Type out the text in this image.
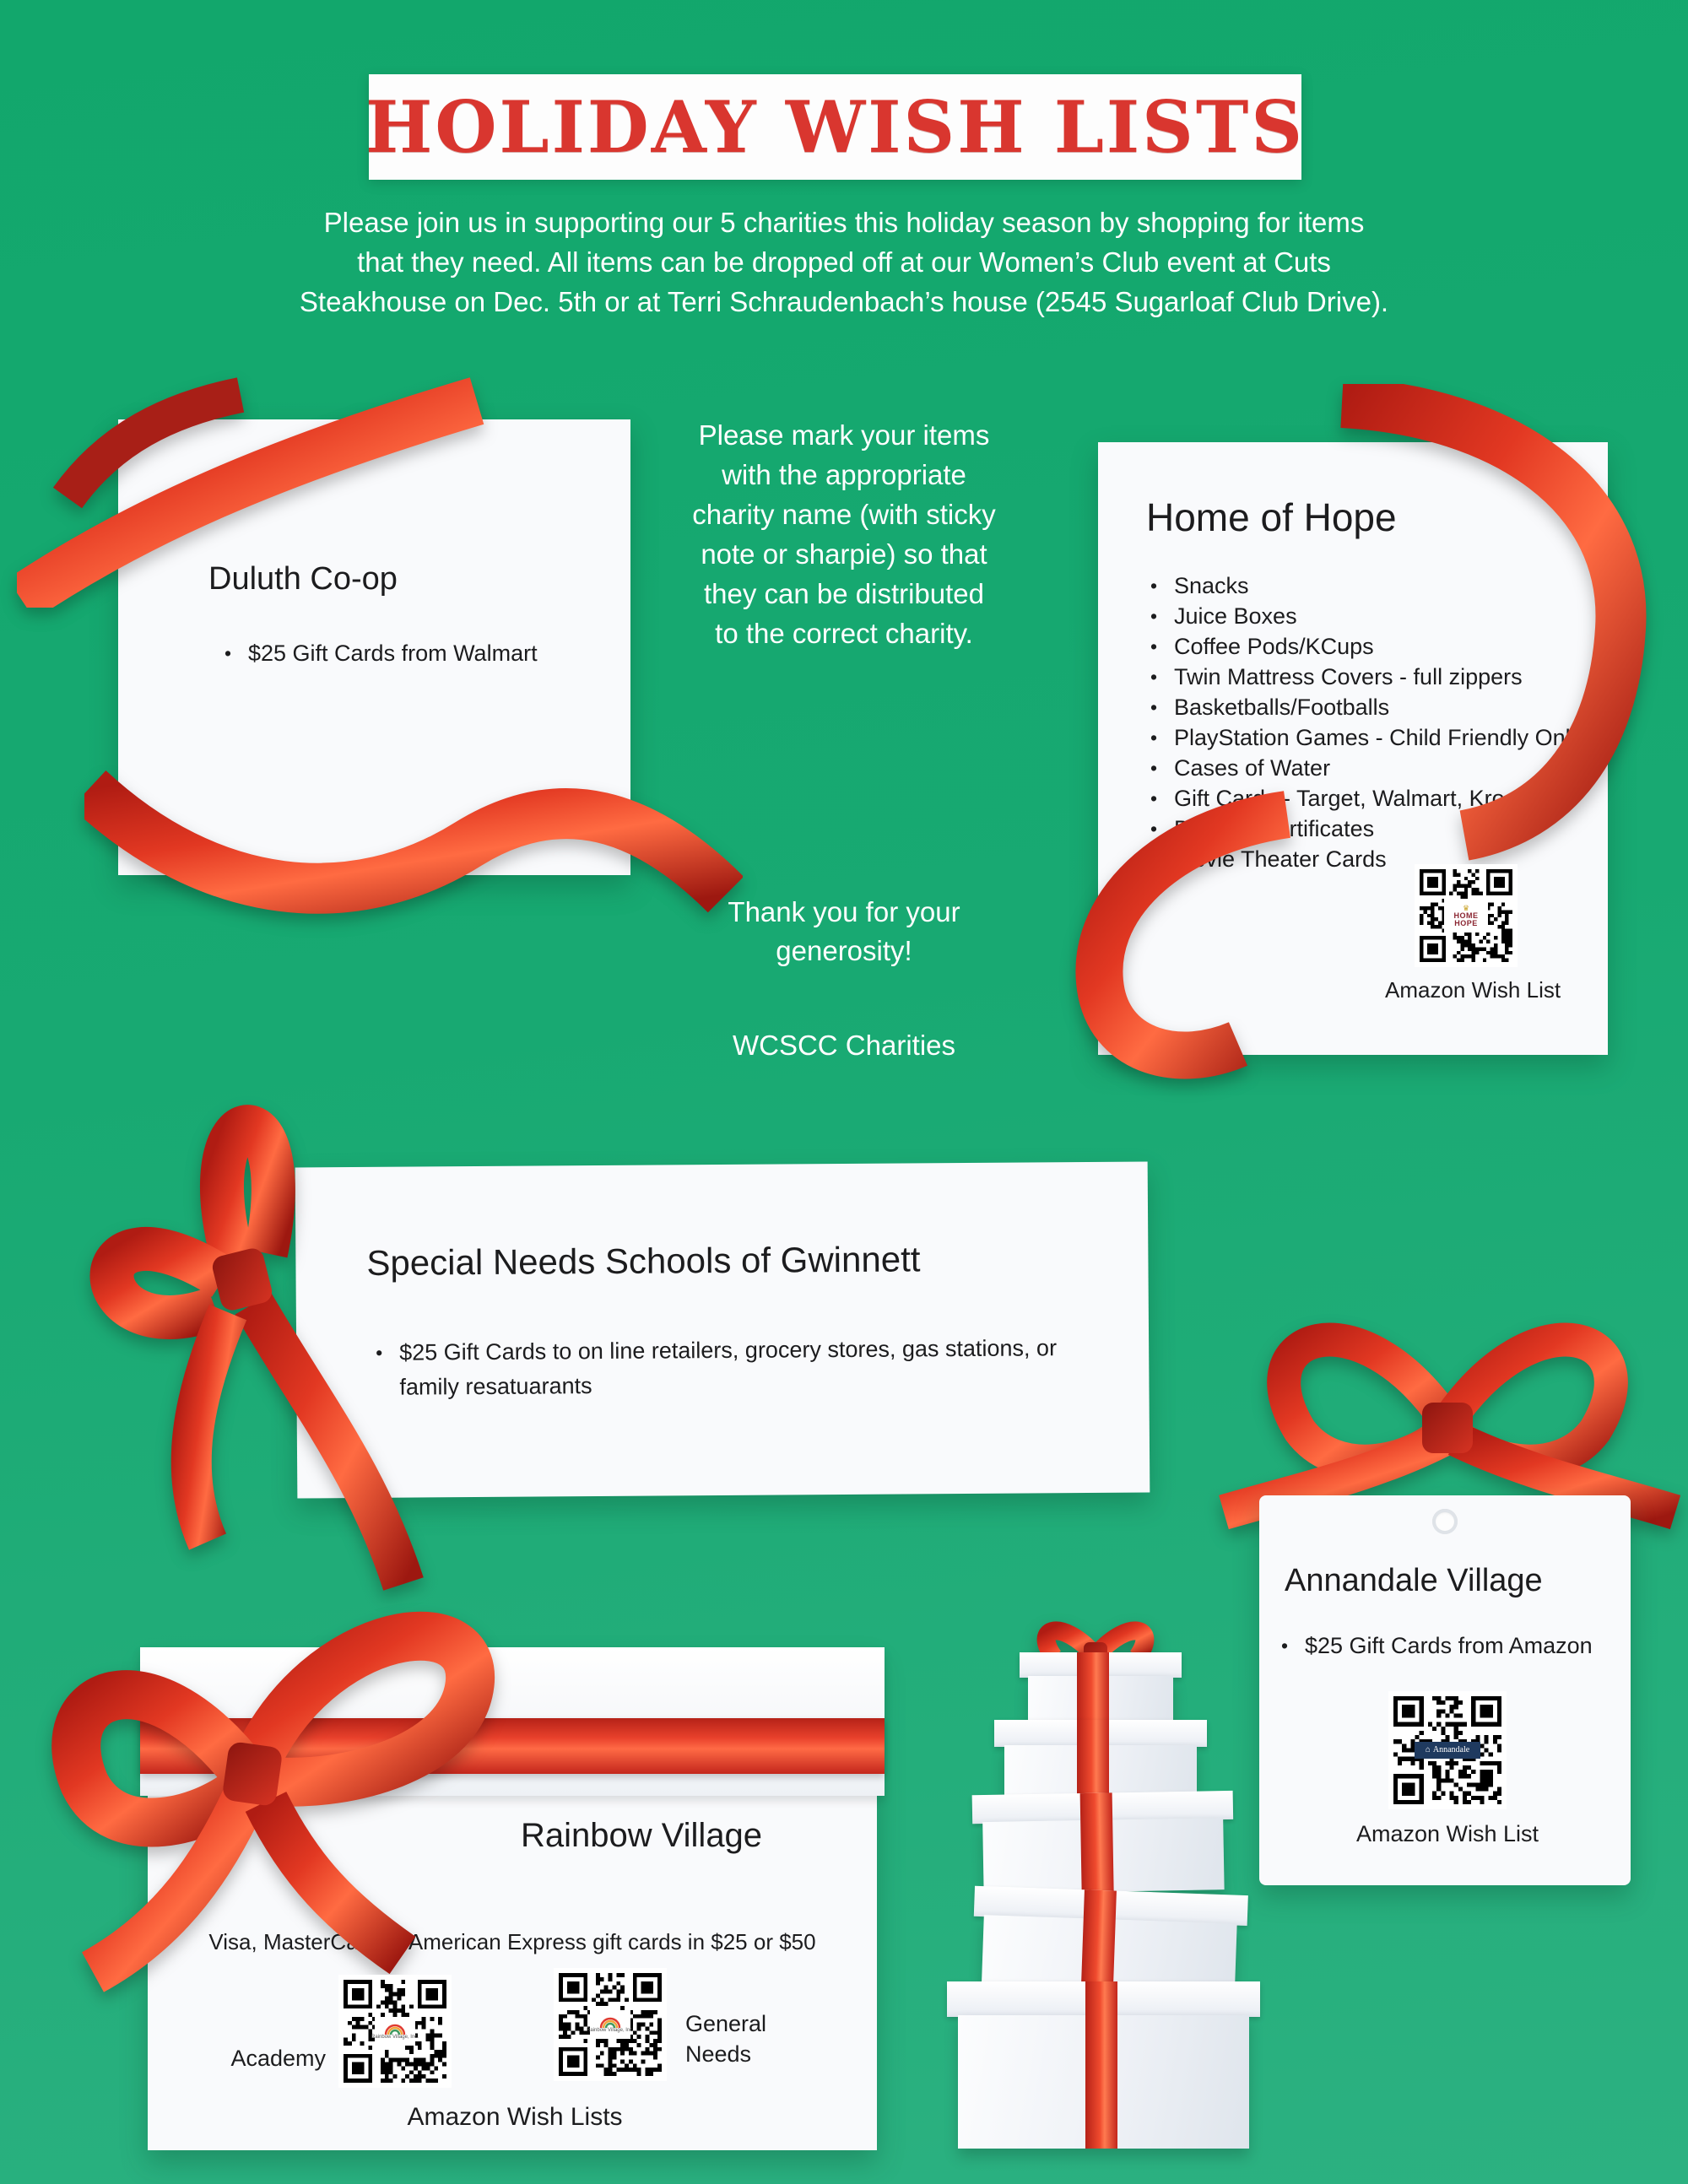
HOLIDAY WISH LISTS
Please join us in supporting our 5 charities this holiday season by shopping for items
that they need. All items can be dropped off at our Women’s Club event at Cuts
Steakhouse on Dec. 5th or at Terri Schraudenbach’s house (2545 Sugarloaf Club Drive).
Duluth Co-op
• $25 Gift Cards from Walmart
Please mark your items with the appropriate charity name (with sticky note or sharpie) so that they can be distributed to the correct charity.
Thank you for your generosity!
WCSCC Charities
Home of Hope
• Snacks
• Juice Boxes
• Coffee Pods/KCups
• Twin Mattress Covers - full zippers
• Basketballs/Footballs
• PlayStation Games - Child Friendly Only
• Cases of Water
• Gift Cards - Target, Walmart, Kroger
• Bowling Certificates
• Movie Theater Cards
♛
HOME
HOPE
Amazon Wish List
Special Needs Schools of Gwinnett
• $25 Gift Cards to on line retailers, grocery stores, gas stations, or family resatuarants
Annandale Village
• $25 Gift Cards from Amazon
⌂ Annandale
Amazon Wish List
Rainbow Village
Visa, MasterCard or American Express gift cards in $25 or $50
Academy
Rainbow Village, Inc.
Rainbow Village, Inc. General Needs
Amazon Wish Lists
